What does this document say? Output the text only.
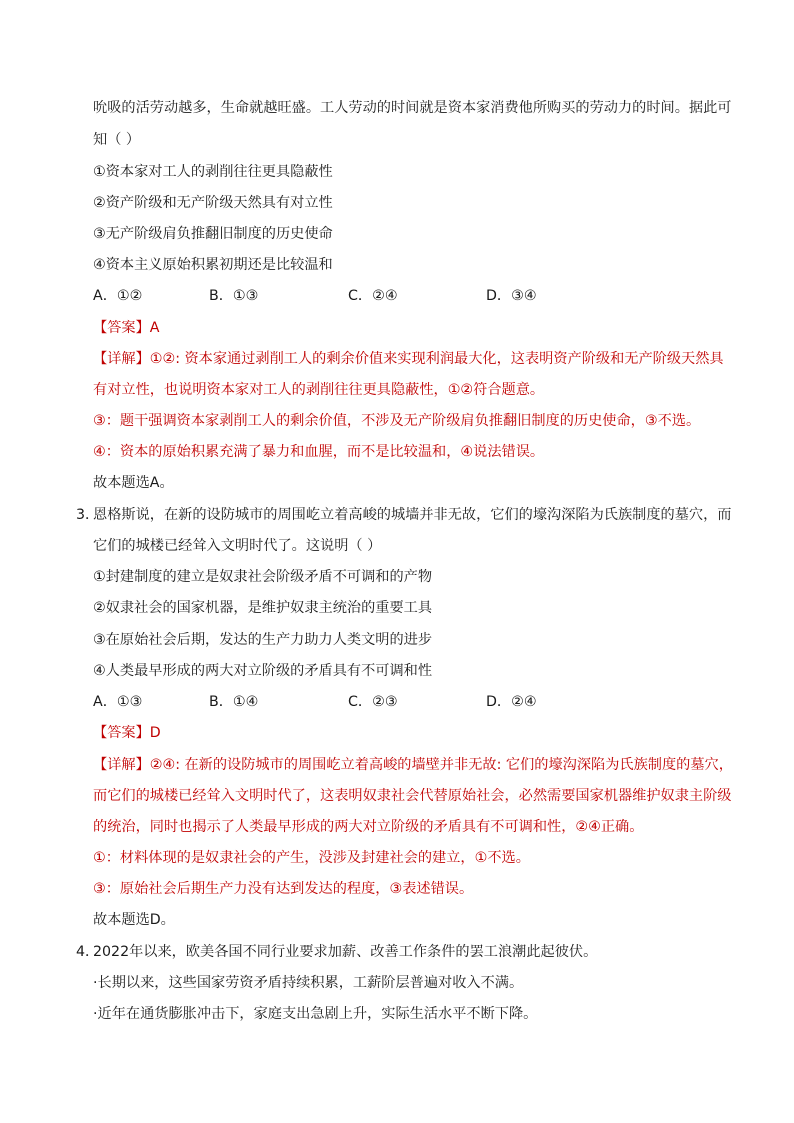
吮吸的活劳动越多，生命就越旺盛。工人劳动的时间就是资本家消费他所购买的劳动力的时间。据此可
知（ ）
①资本家对工人的剥削往往更具隐蔽性
②资产阶级和无产阶级天然具有对立性
③无产阶级肩负推翻旧制度的历史使命
④资本主义原始积累初期还是比较温和
A．①②	B．①③	C．②④	D．③④
【答案】A
【详解】①②: 资本家通过剥削工人的剩余价值来实现利润最大化，这表明资产阶级和无产阶级天然具
有对立性，也说明资本家对工人的剥削往往更具隐蔽性，①②符合题意。
③：题干强调资本家剥削工人的剩余价值，不涉及无产阶级肩负推翻旧制度的历史使命，③不选。
④：资本的原始积累充满了暴力和血腥，而不是比较温和，④说法错误。
故本题选A。
3．
恩格斯说，在新的设防城市的周围屹立着高峻的城墙并非无故，它们的壕沟深陷为氏族制度的墓穴，而
它们的城楼已经耸入文明时代了。这说明（ ）
①封建制度的建立是奴隶社会阶级矛盾不可调和的产物
②奴隶社会的国家机器，是维护奴隶主统治的重要工具
③在原始社会后期，发达的生产力助力人类文明的进步
④人类最早形成的两大对立阶级的矛盾具有不可调和性
A．①③	B．①④	C．②③	D．②④
【答案】D
【详解】②④: 在新的设防城市的周围屹立着高峻的墙壁并非无故: 它们的壕沟深陷为氏族制度的墓穴，
而它们的城楼已经耸入文明时代了，这表明奴隶社会代替原始社会，必然需要国家机器维护奴隶主阶级
的统治，同时也揭示了人类最早形成的两大对立阶级的矛盾具有不可调和性，②④正确。
①：材料体现的是奴隶社会的产生，没涉及封建社会的建立，①不选。
③：原始社会后期生产力没有达到发达的程度，③表述错误。
故本题选D。
4．
2022年以来，欧美各国不同行业要求加薪、改善工作条件的罢工浪潮此起彼伏。
·长期以来，这些国家劳资矛盾持续积累，工薪阶层普遍对收入不满。
·近年在通货膨胀冲击下，家庭支出急剧上升，实际生活水平不断下降。
